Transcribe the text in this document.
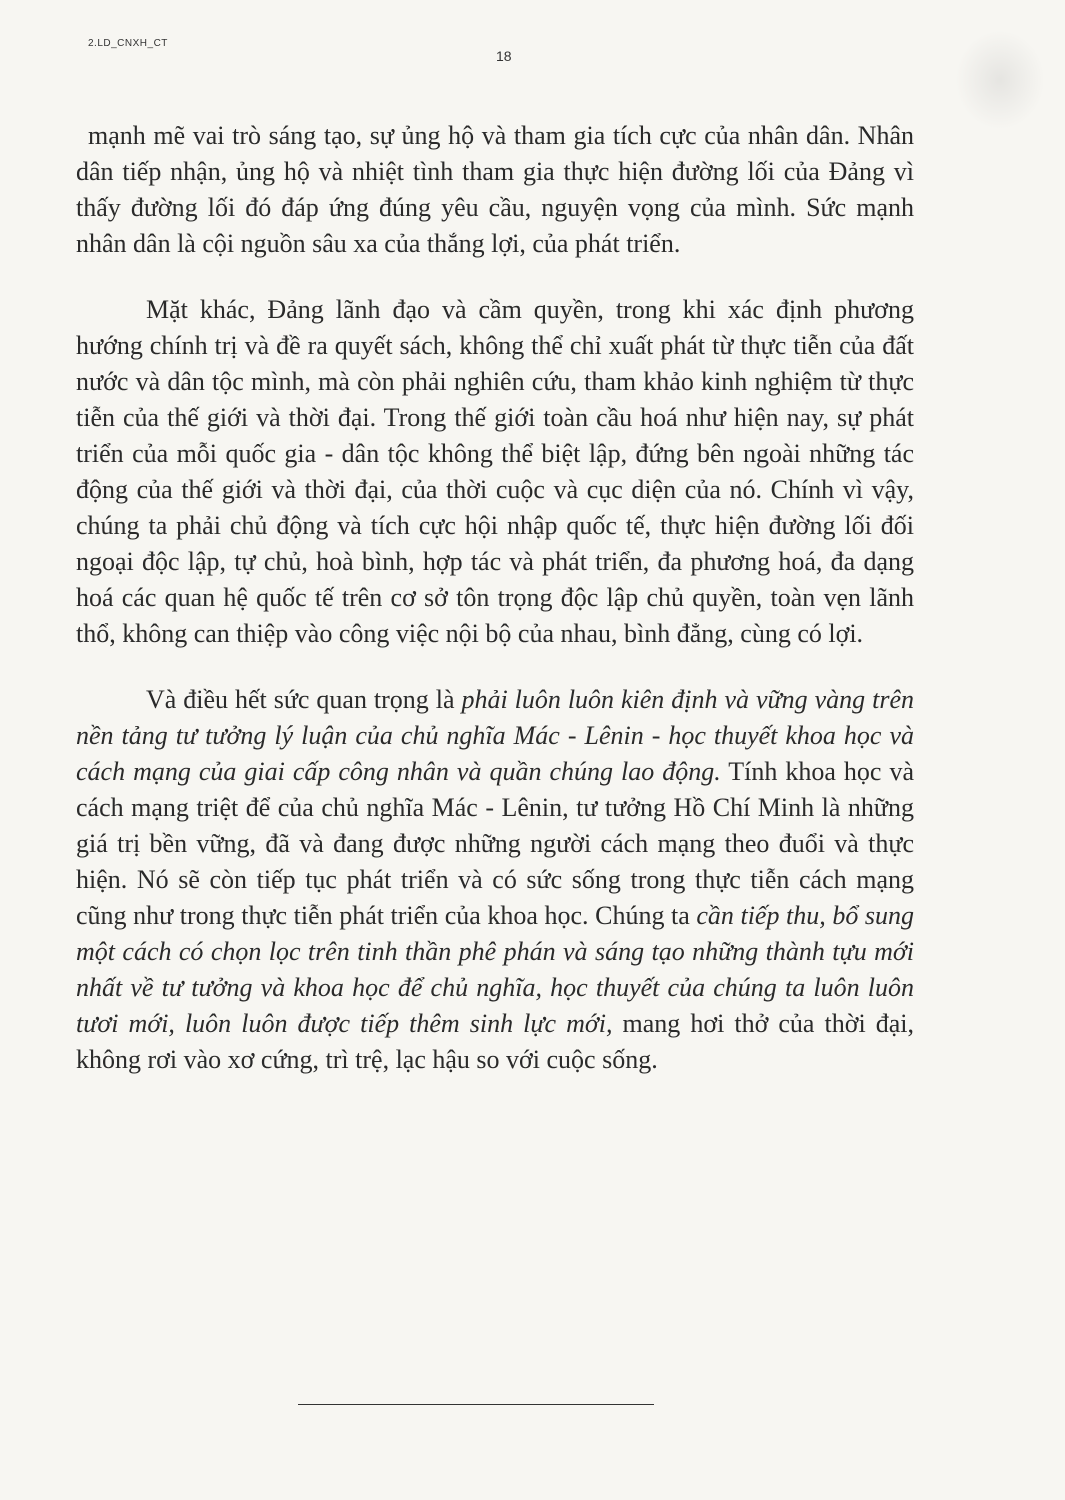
2.LD_CNXH_CT
18

mạnh mẽ vai trò sáng tạo, sự ủng hộ và tham gia tích cực của nhân dân. Nhân dân tiếp nhận, ủng hộ và nhiệt tình tham gia thực hiện đường lối của Đảng vì thấy đường lối đó đáp ứng đúng yêu cầu, nguyện vọng của mình. Sức mạnh nhân dân là cội nguồn sâu xa của thắng lợi, của phát triển.

Mặt khác, Đảng lãnh đạo và cầm quyền, trong khi xác định phương hướng chính trị và đề ra quyết sách, không thể chỉ xuất phát từ thực tiễn của đất nước và dân tộc mình, mà còn phải nghiên cứu, tham khảo kinh nghiệm từ thực tiễn của thế giới và thời đại. Trong thế giới toàn cầu hoá như hiện nay, sự phát triển của mỗi quốc gia - dân tộc không thể biệt lập, đứng bên ngoài những tác động của thế giới và thời đại, của thời cuộc và cục diện của nó. Chính vì vậy, chúng ta phải chủ động và tích cực hội nhập quốc tế, thực hiện đường lối đối ngoại độc lập, tự chủ, hoà bình, hợp tác và phát triển, đa phương hoá, đa dạng hoá các quan hệ quốc tế trên cơ sở tôn trọng độc lập chủ quyền, toàn vẹn lãnh thổ, không can thiệp vào công việc nội bộ của nhau, bình đẳng, cùng có lợi.

Và điều hết sức quan trọng là phải luôn luôn kiên định và vững vàng trên nền tảng tư tưởng lý luận của chủ nghĩa Mác - Lênin - học thuyết khoa học và cách mạng của giai cấp công nhân và quần chúng lao động. Tính khoa học và cách mạng triệt để của chủ nghĩa Mác - Lênin, tư tưởng Hồ Chí Minh là những giá trị bền vững, đã và đang được những người cách mạng theo đuổi và thực hiện. Nó sẽ còn tiếp tục phát triển và có sức sống trong thực tiễn cách mạng cũng như trong thực tiễn phát triển của khoa học. Chúng ta cần tiếp thu, bổ sung một cách có chọn lọc trên tinh thần phê phán và sáng tạo những thành tựu mới nhất về tư tưởng và khoa học để chủ nghĩa, học thuyết của chúng ta luôn luôn tươi mới, luôn luôn được tiếp thêm sinh lực mới, mang hơi thở của thời đại, không rơi vào xơ cứng, trì trệ, lạc hậu so với cuộc sống.
